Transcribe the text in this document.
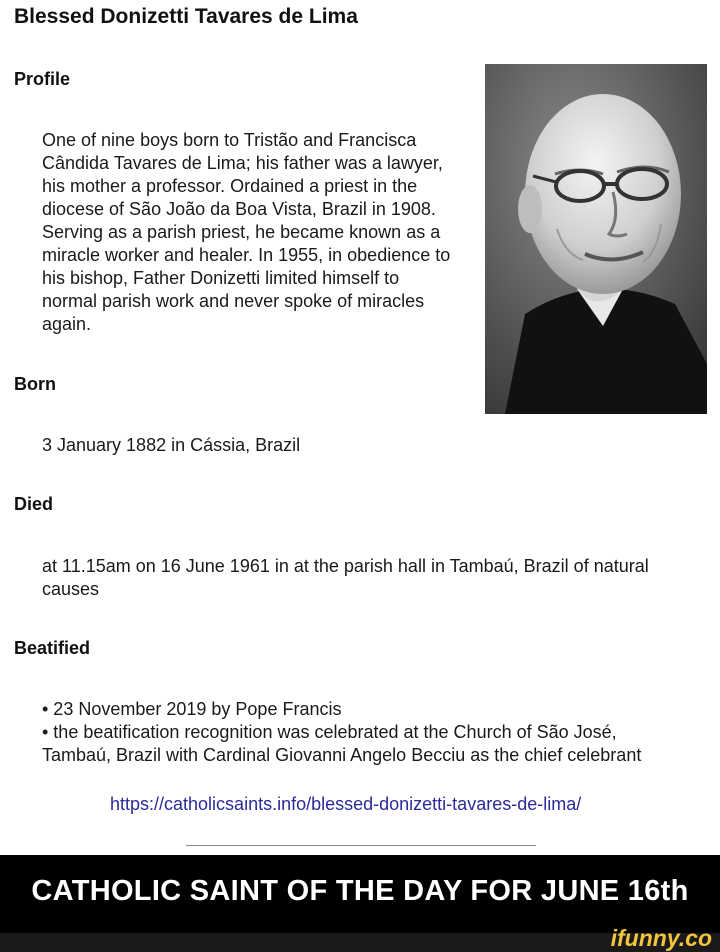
Blessed Donizetti Tavares de Lima
Profile
One of nine boys born to Tristão and Francisca
Cândida Tavares de Lima; his father was a lawyer,
his mother a professor. Ordained a priest in the
diocese of São João da Boa Vista, Brazil in 1908.
Serving as a parish priest, he became known as a
miracle worker and healer. In 1955, in obedience to
his bishop, Father Donizetti limited himself to
normal parish work and never spoke of miracles
again.
Born
3 January 1882 in Cássia, Brazil
Died
at 11.15am on 16 June 1961 in at the parish hall in Tambaú, Brazil of natural
causes
Beatified
• 23 November 2019 by Pope Francis
• the beatification recognition was celebrated at the Church of São José,
Tambaú, Brazil with Cardinal Giovanni Angelo Becciu as the chief celebrant
https://catholicsaints.info/blessed-donizetti-tavares-de-lima/
CATHOLIC SAINT OF THE DAY FOR JUNE 16th
ifunny.co
